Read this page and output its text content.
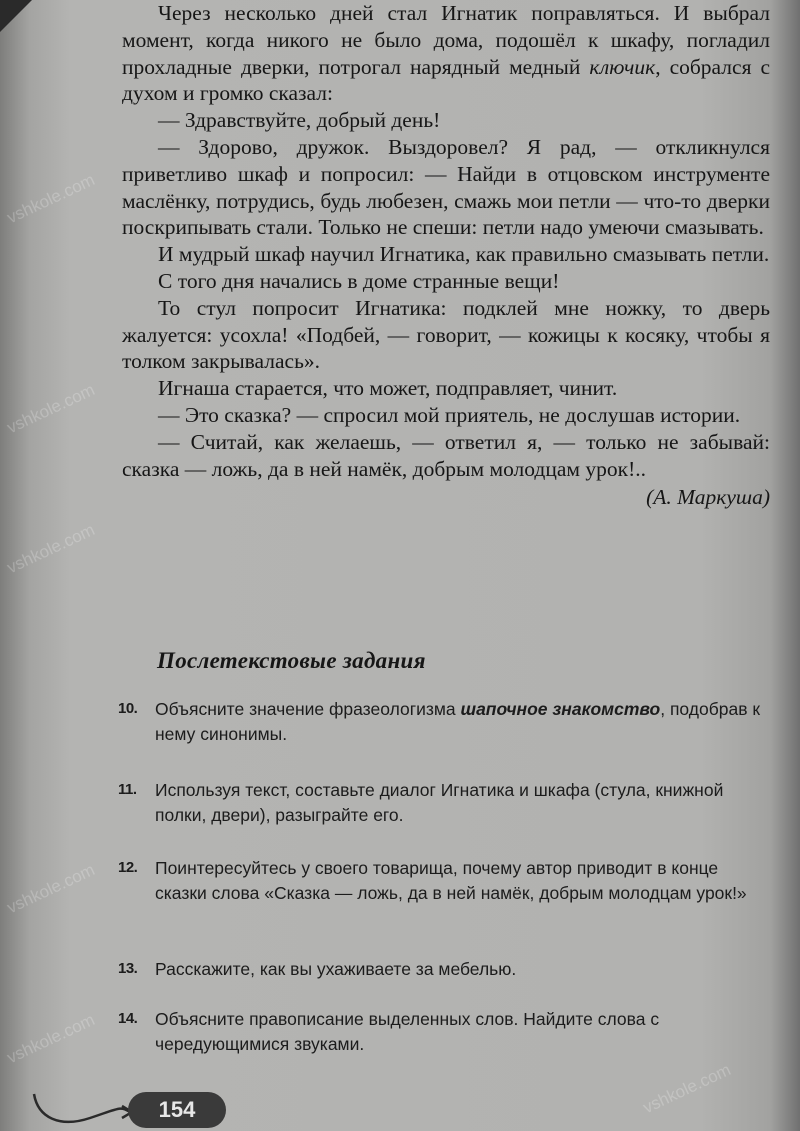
vshkole.com
vshkole.com
vshkole.com
vshkole.com
vshkole.com
vshkole.com

Через несколько дней стал Игнатик поправляться. И выбрал момент, когда никого не было дома, подошёл к шкафу, погладил прохладные дверки, потрогал нарядный медный ключик, собрался с духом и громко сказал:

— Здравствуйте, добрый день!

— Здорово, дружок. Выздоровел? Я рад, — откликнулся приветливо шкаф и попросил: — Найди в отцовском инструменте маслёнку, потрудись, будь любезен, смажь мои петли — что-то дверки поскрипывать стали. Только не спеши: петли надо умеючи смазывать.

И мудрый шкаф научил Игнатика, как правильно смазывать петли.

С того дня начались в доме странные вещи!

То стул попросит Игнатика: подклей мне ножку, то дверь жалуется: усохла! «Подбей, — говорит, — кожицы к косяку, чтобы я толком закрывалась».

Игнаша старается, что может, подправляет, чинит.

— Это сказка? — спросил мой приятель, не дослушав истории.

— Считай, как желаешь, — ответил я, — только не забывай: сказка — ложь, да в ней намёк, добрым молодцам урок!..

(А. Маркуша)

Послетекстовые задания
10.	Объясните значение фразеологизма шапочное знакомство, подобрав к нему синонимы.
11.	Используя текст, составьте диалог Игнатика и шкафа (стула, книжной полки, двери), разыграйте его.
12.	Поинтересуйтесь у своего товарища, почему автор приводит в конце сказки слова «Сказка — ложь, да в ней намёк, добрым молодцам урок!»
13.	Расскажите, как вы ухаживаете за мебелью.
14.	Объясните правописание выделенных слов. Найдите слова с чередующимися звуками.
154
